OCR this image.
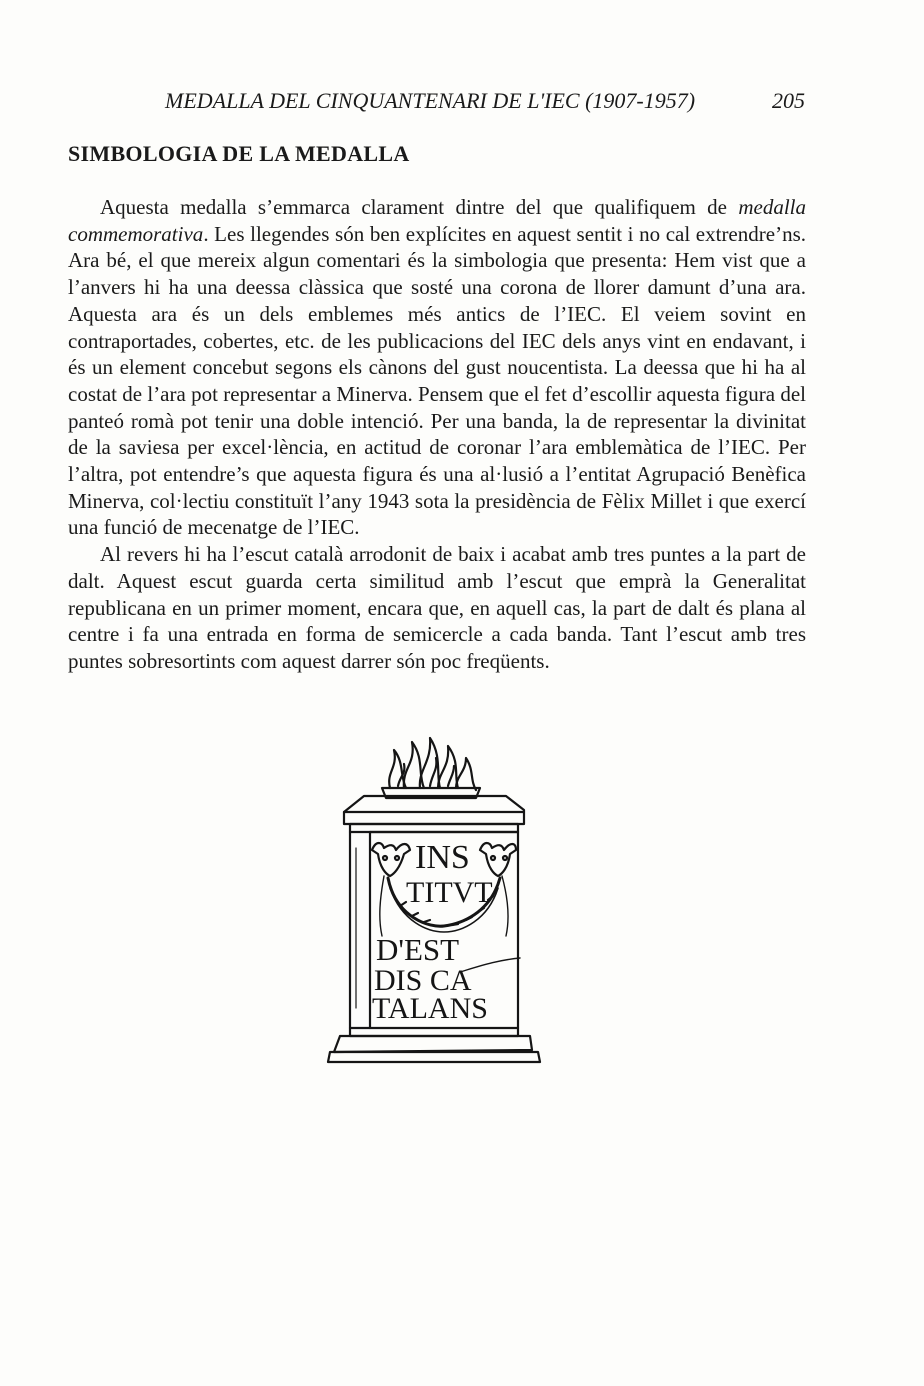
MEDALLA DEL CINQUANTENARI DE L'IEC (1907-1957)	205
SIMBOLOGIA DE LA MEDALLA

Aquesta medalla s’emmarca clarament dintre del que qualifiquem de medalla commemorativa. Les llegendes són ben explícites en aquest sentit i no cal extrendre’ns. Ara bé, el que mereix algun comentari és la simbologia que presenta: Hem vist que a l’anvers hi ha una deessa clàssica que sosté una corona de llorer damunt d’una ara. Aquesta ara és un dels emblemes més antics de l’IEC. El veiem sovint en contraportades, cobertes, etc. de les publicacions del IEC dels anys vint en endavant, i és un element concebut segons els cànons del gust noucentista. La deessa que hi ha al costat de l’ara pot representar a Minerva. Pensem que el fet d’escollir aquesta figura del panteó romà pot tenir una doble intenció. Per una banda, la de representar la divinitat de la saviesa per excel·lència, en actitud de coronar l’ara emblemàtica de l’IEC. Per l’altra, pot entendre’s que aquesta figura és una al·lusió a l’entitat Agrupació Benèfica Minerva, col·lectiu constituït l’any 1943 sota la presidència de Fèlix Millet i que exercí una funció de mecenatge de l’IEC.

Al revers hi ha l’escut català arrodonit de baix i acabat amb tres puntes a la part de dalt. Aquest escut guarda certa similitud amb l’escut que emprà la Generalitat republicana en un primer moment, encara que, en aquell cas, la part de dalt és plana al centre i fa una entrada en forma de semicercle a cada banda. Tant l’escut amb tres puntes sobresortints com aquest darrer són poc freqüents.

INS
TITVT
D'EST
DIS CA
TALANS
